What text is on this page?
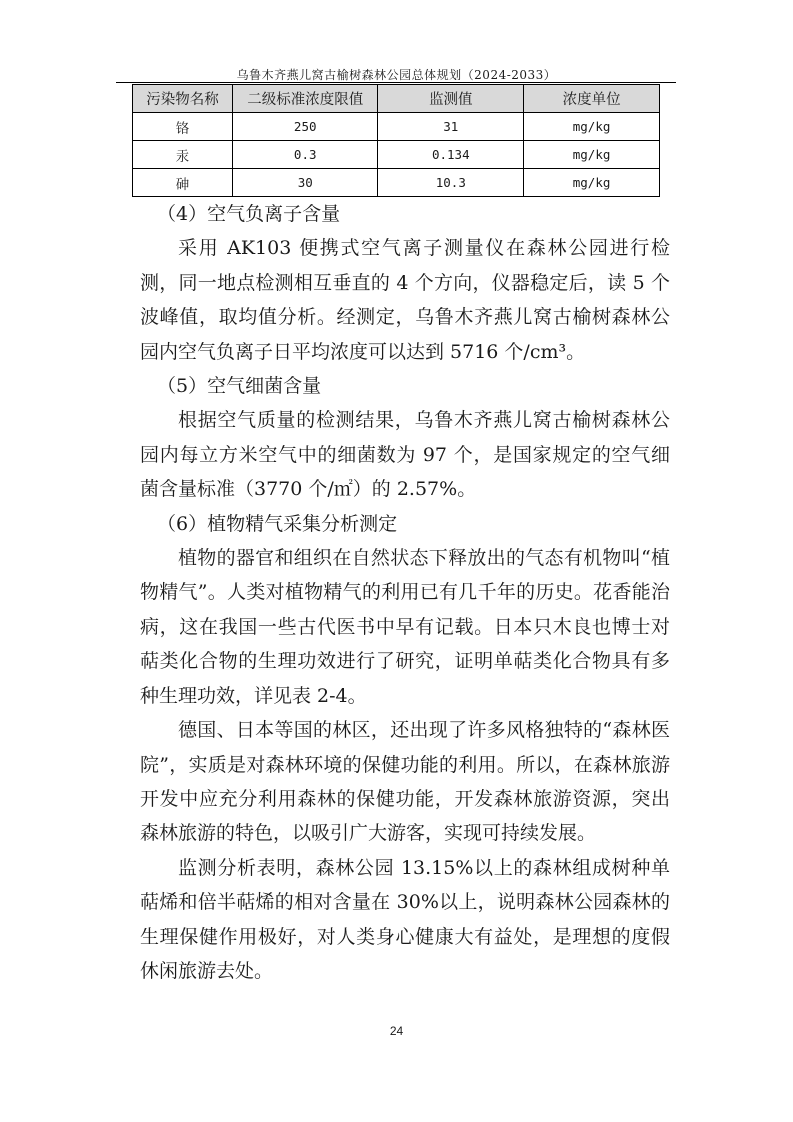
乌鲁木齐燕儿窝古榆树森林公园总体规划（2024-2033）
污染物名称	二级标准浓度限值	监测值	浓度单位
铬	250	31	mg/kg
汞	0.3	0.134	mg/kg
砷	30	10.3	mg/kg

（4）空气负离子含量

采用 AK103 便携式空气离子测量仪在森林公园进行检测，同一地点检测相互垂直的 4 个方向，仪器稳定后，读 5 个波峰值，取均值分析。经测定，乌鲁木齐燕儿窝古榆树森林公园内空气负离子日平均浓度可以达到 5716 个/cm³。

（5）空气细菌含量

根据空气质量的检测结果，乌鲁木齐燕儿窝古榆树森林公园内每立方米空气中的细菌数为 97 个，是国家规定的空气细菌含量标准（3770 个/㎡）的 2.57%。

（6）植物精气采集分析测定

植物的器官和组织在自然状态下释放出的气态有机物叫“植物精气”。人类对植物精气的利用已有几千年的历史。花香能治病，这在我国一些古代医书中早有记载。日本只木良也博士对萜类化合物的生理功效进行了研究，证明单萜类化合物具有多种生理功效，详见表 2-4。

德国、日本等国的林区，还出现了许多风格独特的“森林医院”，实质是对森林环境的保健功能的利用。所以，在森林旅游开发中应充分利用森林的保健功能，开发森林旅游资源，突出森林旅游的特色，以吸引广大游客，实现可持续发展。

监测分析表明，森林公园 13.15%以上的森林组成树种单萜烯和倍半萜烯的相对含量在 30%以上，说明森林公园森林的生理保健作用极好，对人类身心健康大有益处，是理想的度假休闲旅游去处。

24
